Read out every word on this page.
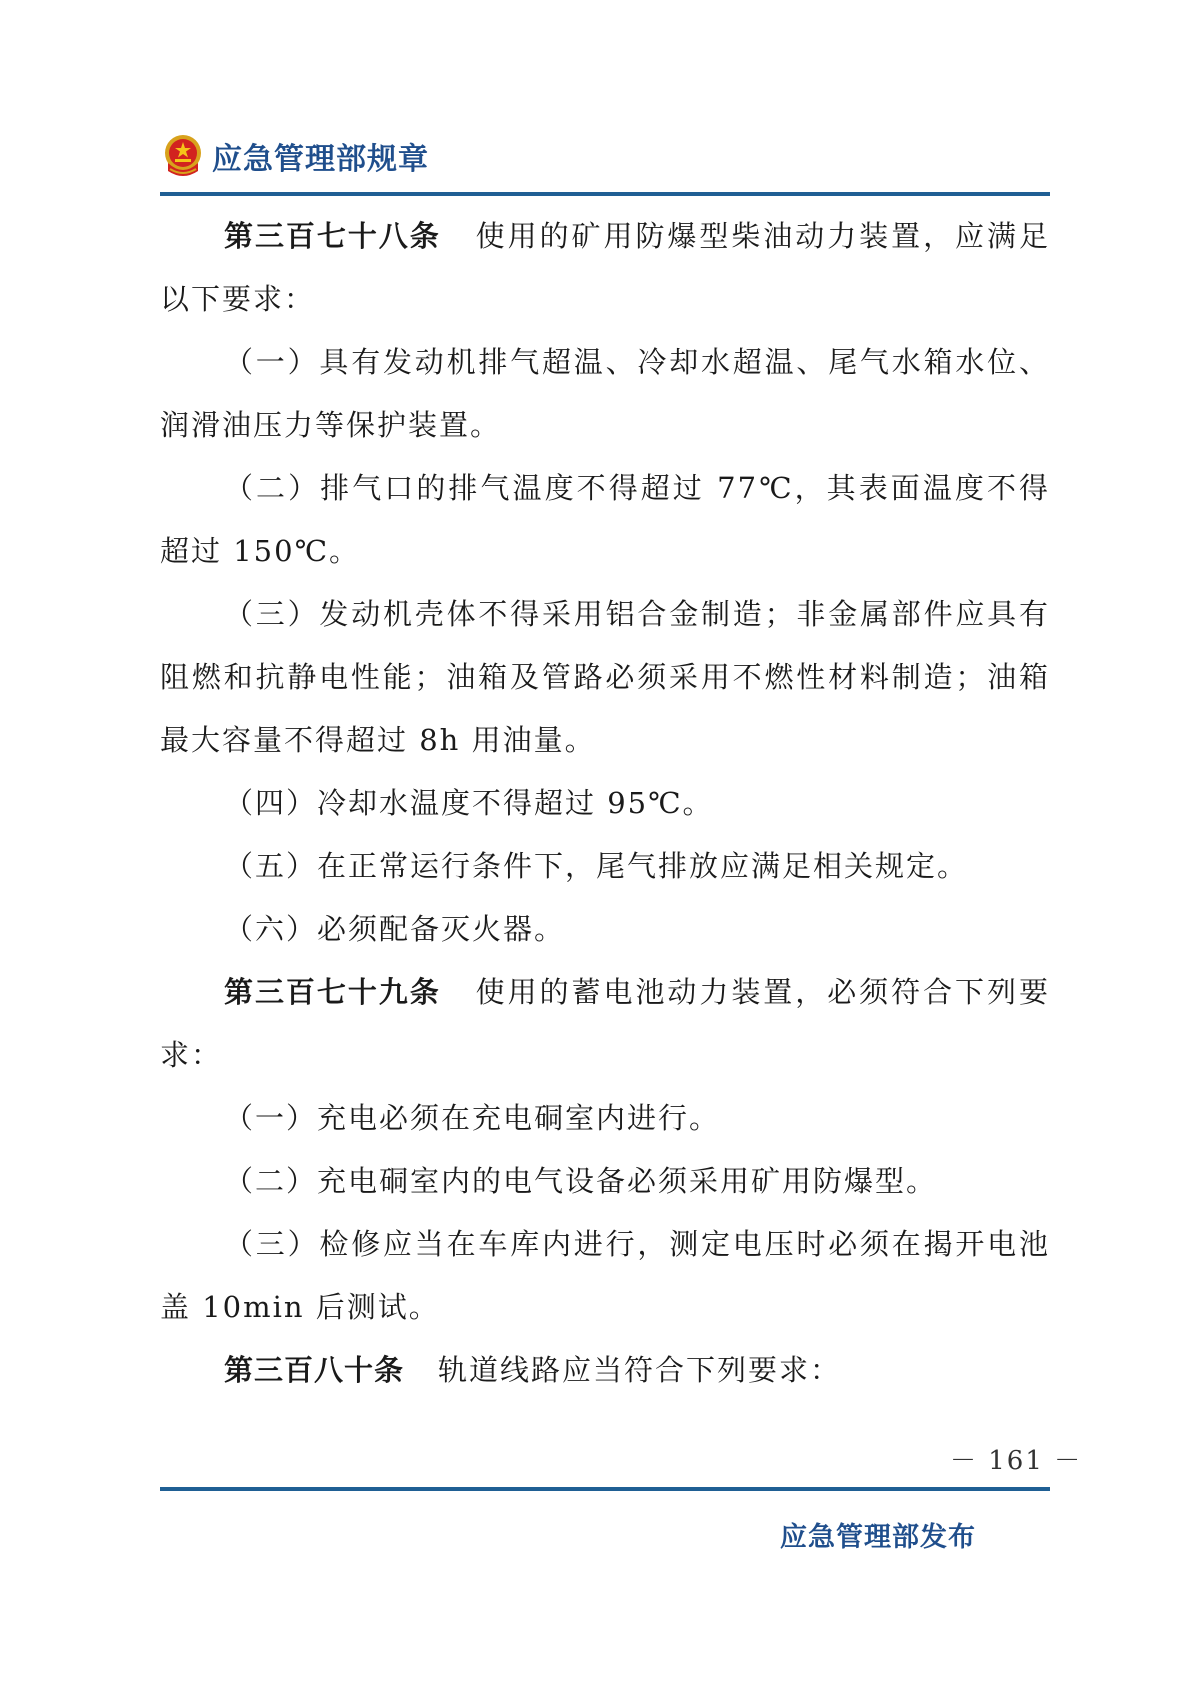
应急管理部规章

第三百七十八条 使用的矿用防爆型柴油动力装置，应满足以下要求：

（一）具有发动机排气超温、冷却水超温、尾气水箱水位、润滑油压力等保护装置。

（二）排气口的排气温度不得超过 77℃，其表面温度不得超过 150℃。

（三）发动机壳体不得采用铝合金制造；非金属部件应具有阻燃和抗静电性能；油箱及管路必须采用不燃性材料制造；油箱最大容量不得超过 8h 用油量。

（四）冷却水温度不得超过 95℃。

（五）在正常运行条件下，尾气排放应满足相关规定。

（六）必须配备灭火器。

第三百七十九条 使用的蓄电池动力装置，必须符合下列要求：

（一）充电必须在充电硐室内进行。

（二）充电硐室内的电气设备必须采用矿用防爆型。

（三）检修应当在车库内进行，测定电压时必须在揭开电池盖 10min 后测试。

第三百八十条 轨道线路应当符合下列要求：

－ 161 －
应急管理部发布
